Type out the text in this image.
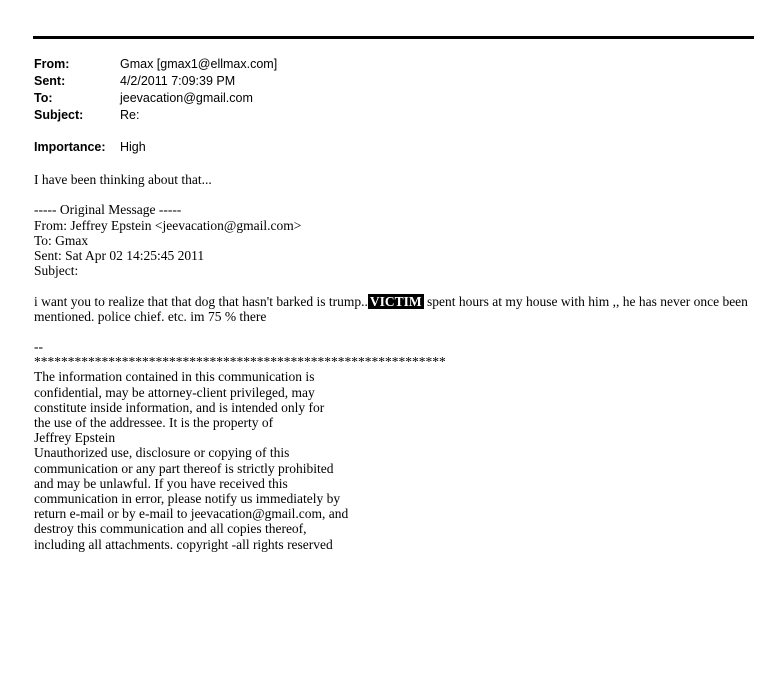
From:	Gmax [gmax1@ellmax.com]
Sent:	4/2/2011 7:09:39 PM
To:	jeevacation@gmail.com
Subject:	Re:
Importance: High
I have been thinking about that...
----- Original Message -----
From: Jeffrey Epstein <jeevacation@gmail.com>
To: Gmax
Sent: Sat Apr 02 14:25:45 2011
Subject:
i want you to realize that that dog that hasn't barked is trump.. VICTIM spent hours at my house with him ,, he has never once been
mentioned. police chief. etc. im 75 % there
--
*************************************************************
The information contained in this communication is
confidential, may be attorney-client privileged, may
constitute inside information, and is intended only for
the use of the addressee. It is the property of
Jeffrey Epstein
Unauthorized use, disclosure or copying of this
communication or any part thereof is strictly prohibited
and may be unlawful. If you have received this
communication in error, please notify us immediately by
return e-mail or by e-mail to jeevacation@gmail.com, and
destroy this communication and all copies thereof,
including all attachments. copyright -all rights reserved
